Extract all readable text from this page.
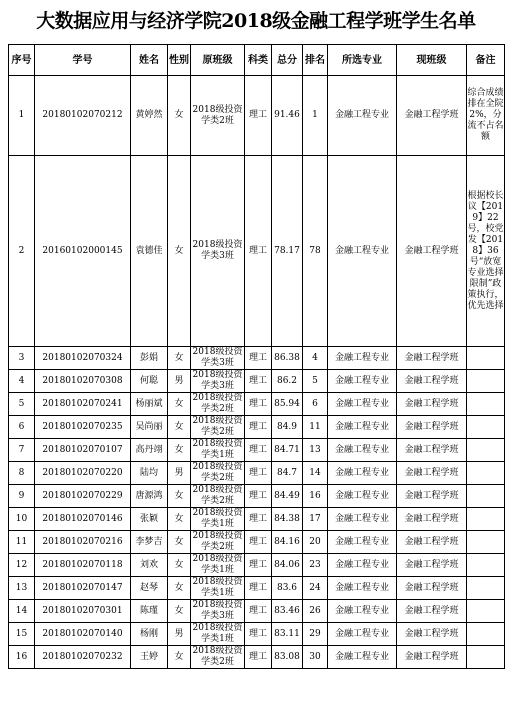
大数据应用与经济学院2018级金融工程学班学生名单
序号	学号	姓名	性别	原班级	科类	总分	排名	所选专业	现班级	备注
1	20180102070212	黄婷然	女	2018级投资学类2班	理工	91.46	1	金融工程专业	金融工程学班	综合成绩排在全院2%，分流不占名额
2	20160102000145	袁德佳	女	2018级投资学类3班	理工	78.17	78	金融工程专业	金融工程学班	根据校长议【2019】22号，校党发【2018】36号“放宽专业选择限制”政策执行，优先选择
3	20180102070324	彭娟	女	2018级投资学类3班	理工	86.38	4	金融工程专业	金融工程学班	
4	20180102070308	何聪	男	2018级投资学类3班	理工	86.2	5	金融工程专业	金融工程学班	
5	20180102070241	杨丽斌	女	2018级投资学类2班	理工	85.94	6	金融工程专业	金融工程学班	
6	20180102070235	吴尚丽	女	2018级投资学类2班	理工	84.9	11	金融工程专业	金融工程学班	
7	20180102070107	高丹翊	女	2018级投资学类1班	理工	84.71	13	金融工程专业	金融工程学班	
8	20180102070220	陆均	男	2018级投资学类2班	理工	84.7	14	金融工程专业	金融工程学班	
9	20180102070229	唐源鸿	女	2018级投资学类2班	理工	84.49	16	金融工程专业	金融工程学班	
10	20180102070146	张颖	女	2018级投资学类1班	理工	84.38	17	金融工程专业	金融工程学班	
11	20180102070216	李梦吉	女	2018级投资学类2班	理工	84.16	20	金融工程专业	金融工程学班	
12	20180102070118	刘欢	女	2018级投资学类1班	理工	84.06	23	金融工程专业	金融工程学班	
13	20180102070147	赵琴	女	2018级投资学类1班	理工	83.6	24	金融工程专业	金融工程学班	
14	20180102070301	陈瑾	女	2018级投资学类3班	理工	83.46	26	金融工程专业	金融工程学班	
15	20180102070140	杨刚	男	2018级投资学类1班	理工	83.11	29	金融工程专业	金融工程学班	
16	20180102070232	王婷	女	2018级投资学类2班	理工	83.08	30	金融工程专业	金融工程学班	
